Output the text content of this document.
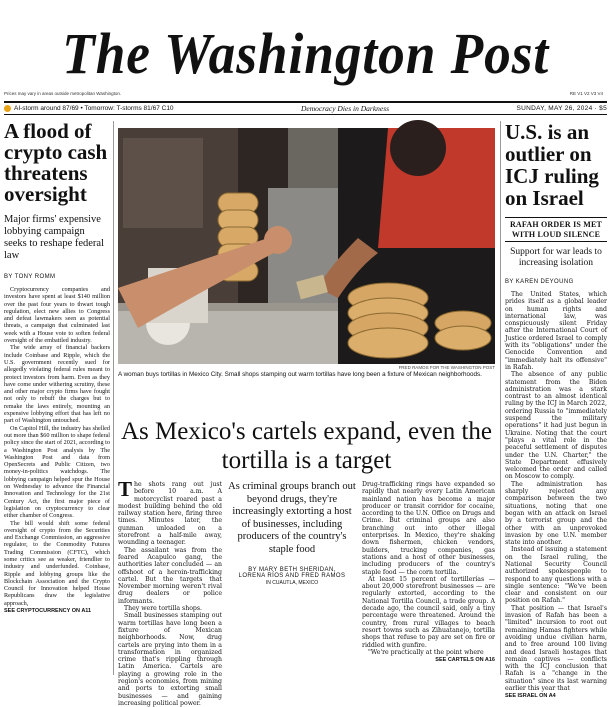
The Washington Post
Prices may vary in areas outside metropolitan Washington.	RE V1 V2 V3 V4
AI-storm around 87/69 • Tomorrow: T-storms 81/67 C10	Democracy Dies in Darkness	SUNDAY, MAY 26, 2024 · $5
A flood of crypto cash threatens oversight
Major firms' expensive lobbying campaign seeks to reshape federal law
BY TONY ROMM

Cryptocurrency companies and investors have spent at least $140 million over the past four years to thwart tough regulation, elect new allies to Congress and defeat lawmakers seen as potential threats, a campaign that culminated last week with a House vote to soften federal oversight of the embattled industry.

The wide array of financial backers include Coinbase and Ripple, which the U.S. government recently sued for allegedly violating federal rules meant to protect investors from harm. Even as they have come under withering scrutiny, these and other major crypto firms have fought not only to rebuff the charges but to remake the laws entirely, mounting an expensive lobbying effort that has left no part of Washington untouched.

On Capitol Hill, the industry has shelled out more than $60 million to shape federal policy since the start of 2021, according to a Washington Post analysis by The Washington Post and data from OpenSecrets and Public Citizen, two money-in-politics watchdogs. The lobbying campaign helped spur the House on Wednesday to advance the Financial Innovation and Technology for the 21st Century Act, the first major piece of legislation on cryptocurrency to clear either chamber of Congress.

The bill would shift some federal oversight of crypto from the Securities and Exchange Commission, an aggressive regulator, to the Commodity Futures Trading Commission (CFTC), which some critics see as weaker, friendlier to industry and underfunded. Coinbase, Ripple and lobbying groups like the Blockchain Association and the Crypto Council for Innovation helped House Republicans draw the legislative approach,

SEE CRYPTOCURRENCY ON A11
FRED RAMOS FOR THE WASHINGTON POST
A woman buys tortillas in Mexico City. Small shops stamping out warm tortillas have long been a fixture of Mexican neighborhoods.
As Mexico's cartels expand, even the tortilla is a target

The shots rang out just before 10 a.m. A motorcyclist roared past a modest building behind the old railway station here, firing three times. Minutes later, the gunman unloaded on a storefront a half-mile away, wounding a teenager.

The assailant was from the feared Acapulco gang, the authorities later concluded — an offshoot of a heroin-trafficking cartel. But the targets that November morning weren't rival drug dealers or police informants.

They were tortilla shops.

Small businesses stamping out warm tortillas have long been a fixture of Mexican neighborhoods. Now, drug cartels are prying into them in a transformation in organized crime that's rippling through Latin America. Cartels are playing a growing role in the region's economies, from mining and ports to extorting small businesses — and gaining increasing political power.

As criminal groups branch out beyond drugs, they're increasingly extorting a host of businesses, including producers of the country's staple food
BY MARY BETH SHERIDAN,
LORENA RÍOS AND FRED RAMOS
IN CUAUTLA, MEXICO

Drug-trafficking rings have expanded so rapidly that nearly every Latin American mainland nation has become a major producer or transit corridor for cocaine, according to the U.N. Office on Drugs and Crime. But criminal groups are also branching out into other illegal enterprises. In Mexico, they're shaking down fishermen, chicken vendors, builders, trucking companies, gas stations and a host of other businesses, including producers of the country's staple food — the corn tortilla.

At least 15 percent of tortillerías — about 20,000 storefront businesses — are regularly extorted, according to the National Tortilla Council, a trade group. A decade ago, the council said, only a tiny percentage were threatened. Around the country, from rural villages to beach resort towns such as Zihuatanejo, tortilla shops that refuse to pay are set on fire or riddled with gunfire.

"We're practically at the point where

SEE CARTELS ON A16
U.S. is an outlier on ICJ ruling on Israel
RAFAH ORDER IS MET WITH LOUD SILENCE
Support for war leads to increasing isolation
BY KAREN DEYOUNG

The United States, which prides itself as a global leader on human rights and international law, was conspicuously silent Friday after the International Court of Justice ordered Israel to comply with its "obligations" under the Genocide Convention and "immediately halt its offensive" in Rafah.

The absence of any public statement from the Biden administration was a stark contrast to an almost identical ruling by the ICJ in March 2022, ordering Russia to "immediately suspend the military operations" it had just begun in Ukraine. Noting that the court "plays a vital role in the peaceful settlement of disputes under the U.N. Charter," the State Department effusively welcomed the order and called on Moscow to comply.

The administration has sharply rejected any comparison between the two situations, noting that one began with an attack on Israel by a terrorist group and the other with an unprovoked invasion by one U.N. member state into another.

Instead of issuing a statement on the Israel ruling, the National Security Council authorized spokespeople to respond to any questions with a single sentence: "We've been clear and consistent on our position on Rafah."

That position — that Israel's invasion of Rafah has been a "limited" incursion to root out remaining Hamas fighters while avoiding undue civilian harm, and to free around 100 living and dead Israeli hostages that remain captives — conflicts with the ICJ conclusion that Rafah is a "change in the situation" since its last warning earlier this year that

SEE ISRAEL ON A4
